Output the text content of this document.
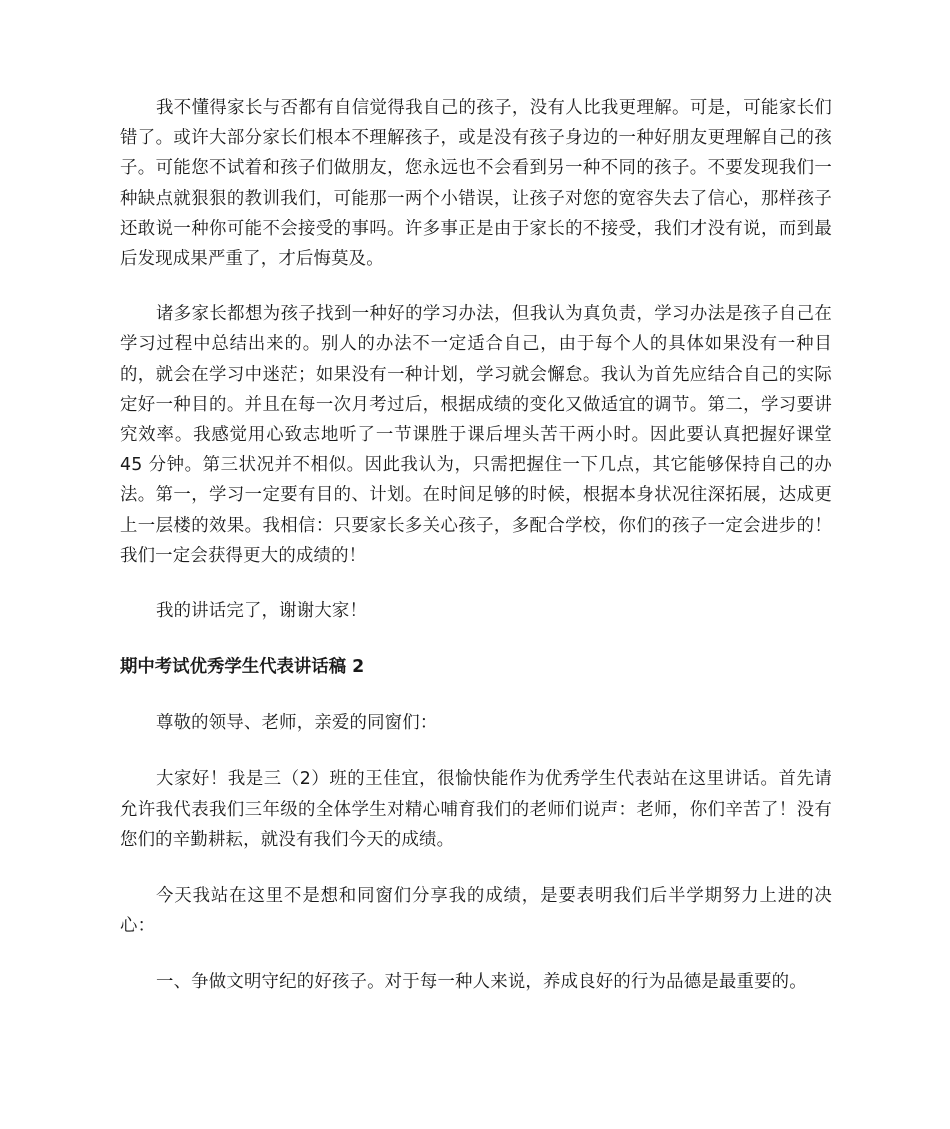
我不懂得家长与否都有自信觉得我自己的孩子，没有人比我更理解。可是，可能家长们错了。或许大部分家长们根本不理解孩子，或是没有孩子身边的一种好朋友更理解自己的孩子。可能您不试着和孩子们做朋友，您永远也不会看到另一种不同的孩子。不要发现我们一种缺点就狠狠的教训我们，可能那一两个小错误，让孩子对您的宽容失去了信心，那样孩子还敢说一种你可能不会接受的事吗。许多事正是由于家长的不接受，我们才没有说，而到最后发现成果严重了，才后悔莫及。

诸多家长都想为孩子找到一种好的学习办法，但我认为真负责，学习办法是孩子自己在学习过程中总结出来的。别人的办法不一定适合自己，由于每个人的具体如果没有一种目的，就会在学习中迷茫；如果没有一种计划，学习就会懈怠。我认为首先应结合自己的实际定好一种目的。并且在每一次月考过后，根据成绩的变化又做适宜的调节。第二，学习要讲究效率。我感觉用心致志地听了一节课胜于课后埋头苦干两小时。因此要认真把握好课堂 45 分钟。第三状况并不相似。因此我认为，只需把握住一下几点，其它能够保持自己的办法。第一，学习一定要有目的、计划。在时间足够的时候，根据本身状况往深拓展，达成更上一层楼的效果。我相信：只要家长多关心孩子，多配合学校，你们的孩子一定会进步的！我们一定会获得更大的成绩的！

我的讲话完了，谢谢大家！

期中考试优秀学生代表讲话稿 2

尊敬的领导、老师，亲爱的同窗们：

大家好！我是三（2）班的王佳宜，很愉快能作为优秀学生代表站在这里讲话。首先请允许我代表我们三年级的全体学生对精心哺育我们的老师们说声：老师，你们辛苦了！没有您们的辛勤耕耘，就没有我们今天的成绩。

今天我站在这里不是想和同窗们分享我的成绩，是要表明我们后半学期努力上进的决心：

一、争做文明守纪的好孩子。对于每一种人来说，养成良好的行为品德是最重要的。
